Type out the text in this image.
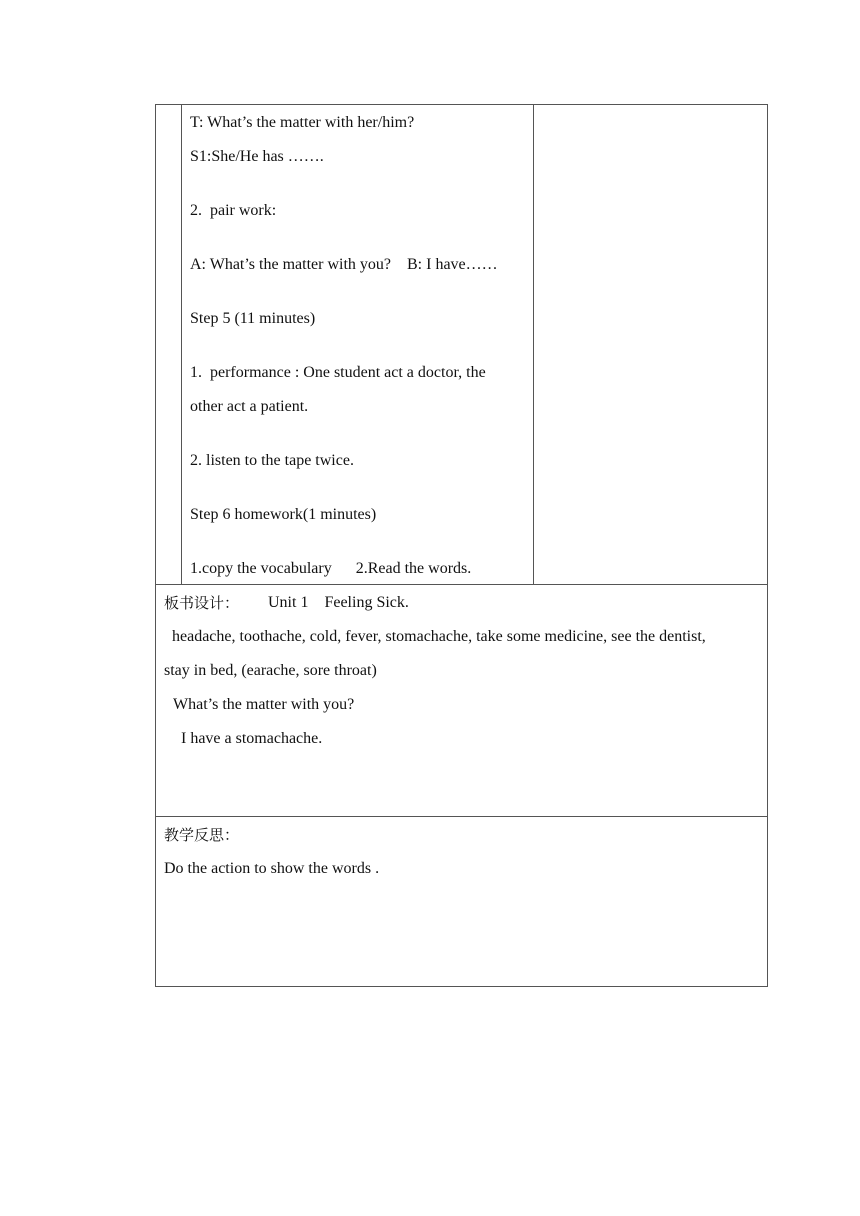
T: What’s the matter with her/him?
S1:She/He has …….
2.  pair work:
A: What’s the matter with you?    B: I have……
Step 5 (11 minutes)
1.  performance : One student act a doctor, the
other act a patient.
2. listen to the tape twice.
Step 6 homework(1 minutes)
1.copy the vocabulary      2.Read the words.
板书设计： Unit 1    Feeling Sick.
headache, toothache, cold, fever, stomachache, take some medicine, see the dentist,
stay in bed, (earache, sore throat)
What’s the matter with you?
I have a stomachache.
教学反思：
Do the action to show the words .
